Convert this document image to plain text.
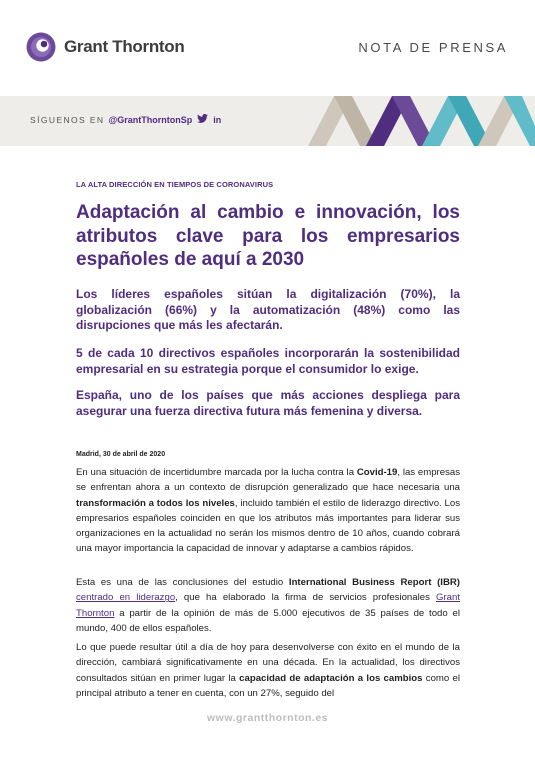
Grant Thornton	NOTA DE PRENSA
SÍGUENOS EN @GrantThorntonSp in
LA ALTA DIRECCIÓN EN TIEMPOS DE CORONAVIRUS
Adaptación al cambio e innovación, los atributos clave para los empresarios españoles de aquí a 2030

Los líderes españoles sitúan la digitalización (70%), la globalización (66%) y la automatización (48%) como las disrupciones que más les afectarán.

5 de cada 10 directivos españoles incorporarán la sostenibilidad empresarial en su estrategia porque el consumidor lo exige.

España, uno de los países que más acciones despliega para asegurar una fuerza directiva futura más femenina y diversa.

Madrid, 30 de abril de 2020

En una situación de incertidumbre marcada por la lucha contra la Covid-19, las empresas se enfrentan ahora a un contexto de disrupción generalizado que hace necesaria una transformación a todos los niveles, incluido también el estilo de liderazgo directivo. Los empresarios españoles coinciden en que los atributos más importantes para liderar sus organizaciones en la actualidad no serán los mismos dentro de 10 años, cuando cobrará una mayor importancia la capacidad de innovar y adaptarse a cambios rápidos.

Esta es una de las conclusiones del estudio International Business Report (IBR) centrado en liderazgo, que ha elaborado la firma de servicios profesionales Grant Thornton a partir de la opinión de más de 5.000 ejecutivos de 35 países de todo el mundo, 400 de ellos españoles.

Lo que puede resultar útil a día de hoy para desenvolverse con éxito en el mundo de la dirección, cambiará significativamente en una década. En la actualidad, los directivos consultados sitúan en primer lugar la capacidad de adaptación a los cambios como el principal atributo a tener en cuenta, con un 27%, seguido del

www.grantthornton.es
